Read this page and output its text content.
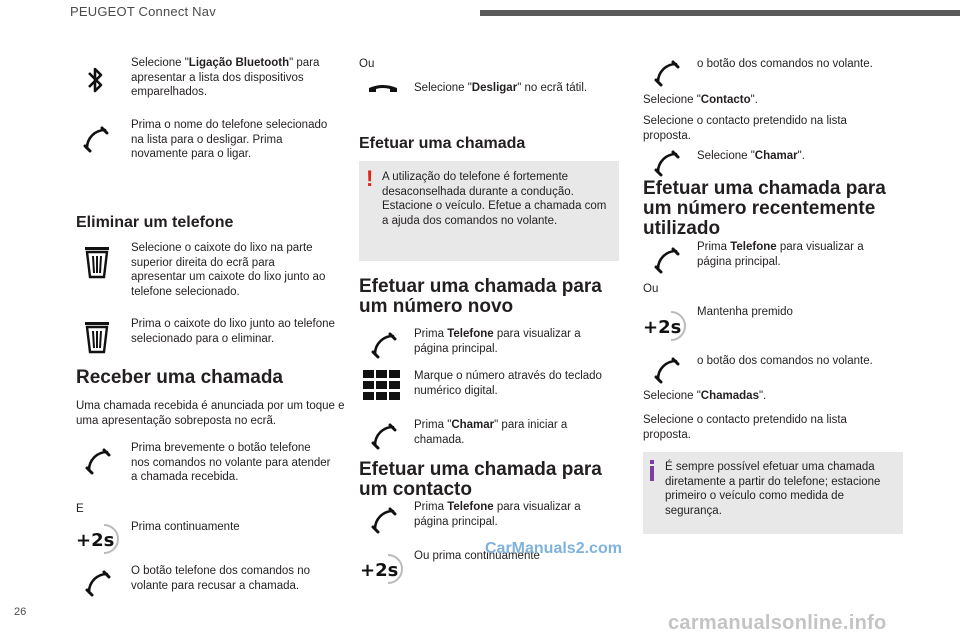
PEUGEOT Connect Nav
Selecione "Ligação Bluetooth" para apresentar a lista dos dispositivos emparelhados.
Prima o nome do telefone selecionado na lista para o desligar. Prima novamente para o ligar.
Eliminar um telefone
Selecione o caixote do lixo na parte superior direita do ecrã para apresentar um caixote do lixo junto ao telefone selecionado.
Prima o caixote do lixo junto ao telefone selecionado para o eliminar.
Receber uma chamada
Uma chamada recebida é anunciada por um toque e uma apresentação sobreposta no ecrã.
Prima brevemente o botão telefone nos comandos no volante para atender a chamada recebida.
E
+2s
Prima continuamente
O botão telefone dos comandos no volante para recusar a chamada.
26
Ou
Selecione "Desligar" no ecrã tátil.
Efetuar uma chamada
! A utilização do telefone é fortemente desaconselhada durante a condução. Estacione o veículo. Efetue a chamada com a ajuda dos comandos no volante.
Efetuar uma chamada para um número novo
Prima Telefone para visualizar a página principal.
Marque o número através do teclado numérico digital.
Prima "Chamar" para iniciar a chamada.
Efetuar uma chamada para um contacto
Prima Telefone para visualizar a página principal.
+2s
Ou prima continuamente
CarManuals2.com
o botão dos comandos no volante.
Selecione "Contacto".
Selecione o contacto pretendido na lista proposta.
Selecione "Chamar".
Efetuar uma chamada para um número recentemente utilizado
Prima Telefone para visualizar a página principal.
Ou
+2s
Mantenha premido
o botão dos comandos no volante.
Selecione "Chamadas".
Selecione o contacto pretendido na lista proposta.
É sempre possível efetuar uma chamada diretamente a partir do telefone; estacione primeiro o veículo como medida de segurança.
carmanualsonline.info
